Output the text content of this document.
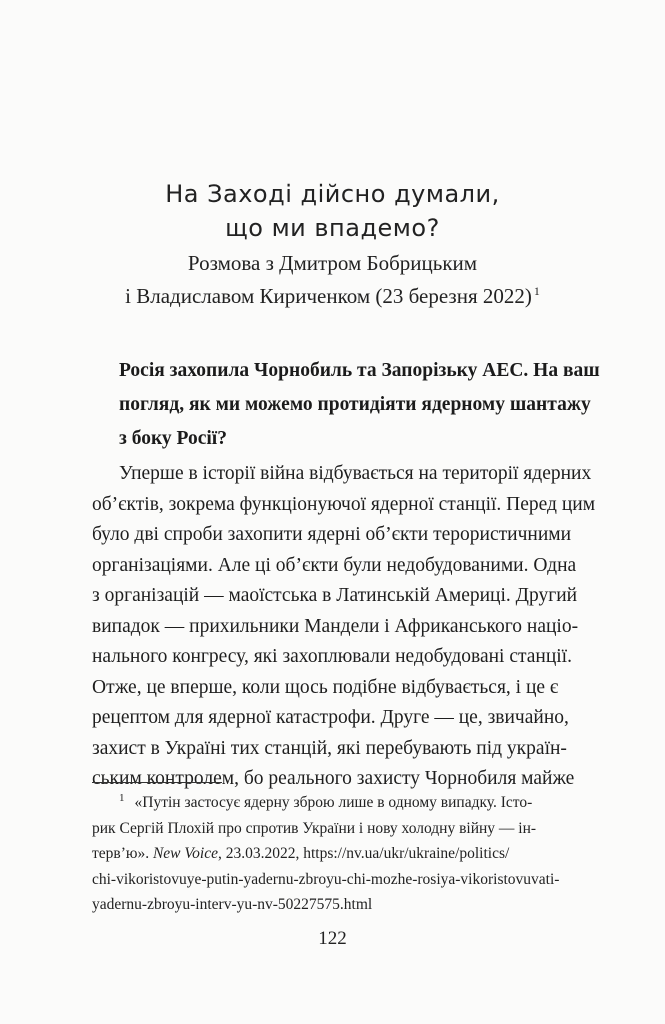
На Заході дійсно думали,
що ми впадемо?
Розмова з Дмитром Бобрицьким
і Владиславом Кириченком (23 березня 2022) $^1$
Росія захопила Чорнобиль та Запорізьку АЕС. На ваш
погляд, як ми можемо протидіяти ядерному шантажу
з боку Росії?
Уперше в історії війна відбувається на території ядерних
об’єктів, зокрема функціонуючої ядерної станції. Перед цим
було дві спроби захопити ядерні об’єкти терористичними
організаціями. Але ці об’єкти були недобудованими. Одна
з організацій — маоїстська в Латинській Америці. Другий
випадок — прихильники Мандели і Африканського націо-
нального конгресу, які захоплювали недобудовані станції.
Отже, це вперше, коли щось подібне відбувається, і це є
рецептом для ядерної катастрофи. Друге — це, звичайно,
захист в Україні тих станцій, які перебувають під україн-
ським контролем, бо реального захисту Чорнобиля майже
$^1$ «Путін застосує ядерну зброю лише в одному випадку. Істо-
рик Сергій Плохій про спротив України і нову холодну війну — ін-
терв’ю». New Voice, 23.03.2022, https://nv.ua/ukr/ukraine/politics/
chi-vikoristovuye-putin-yadernu-zbroyu-chi-mozhe-rosiya-vikoristovuvati-
yadernu-zbroyu-interv-yu-nv-50227575.html
122
